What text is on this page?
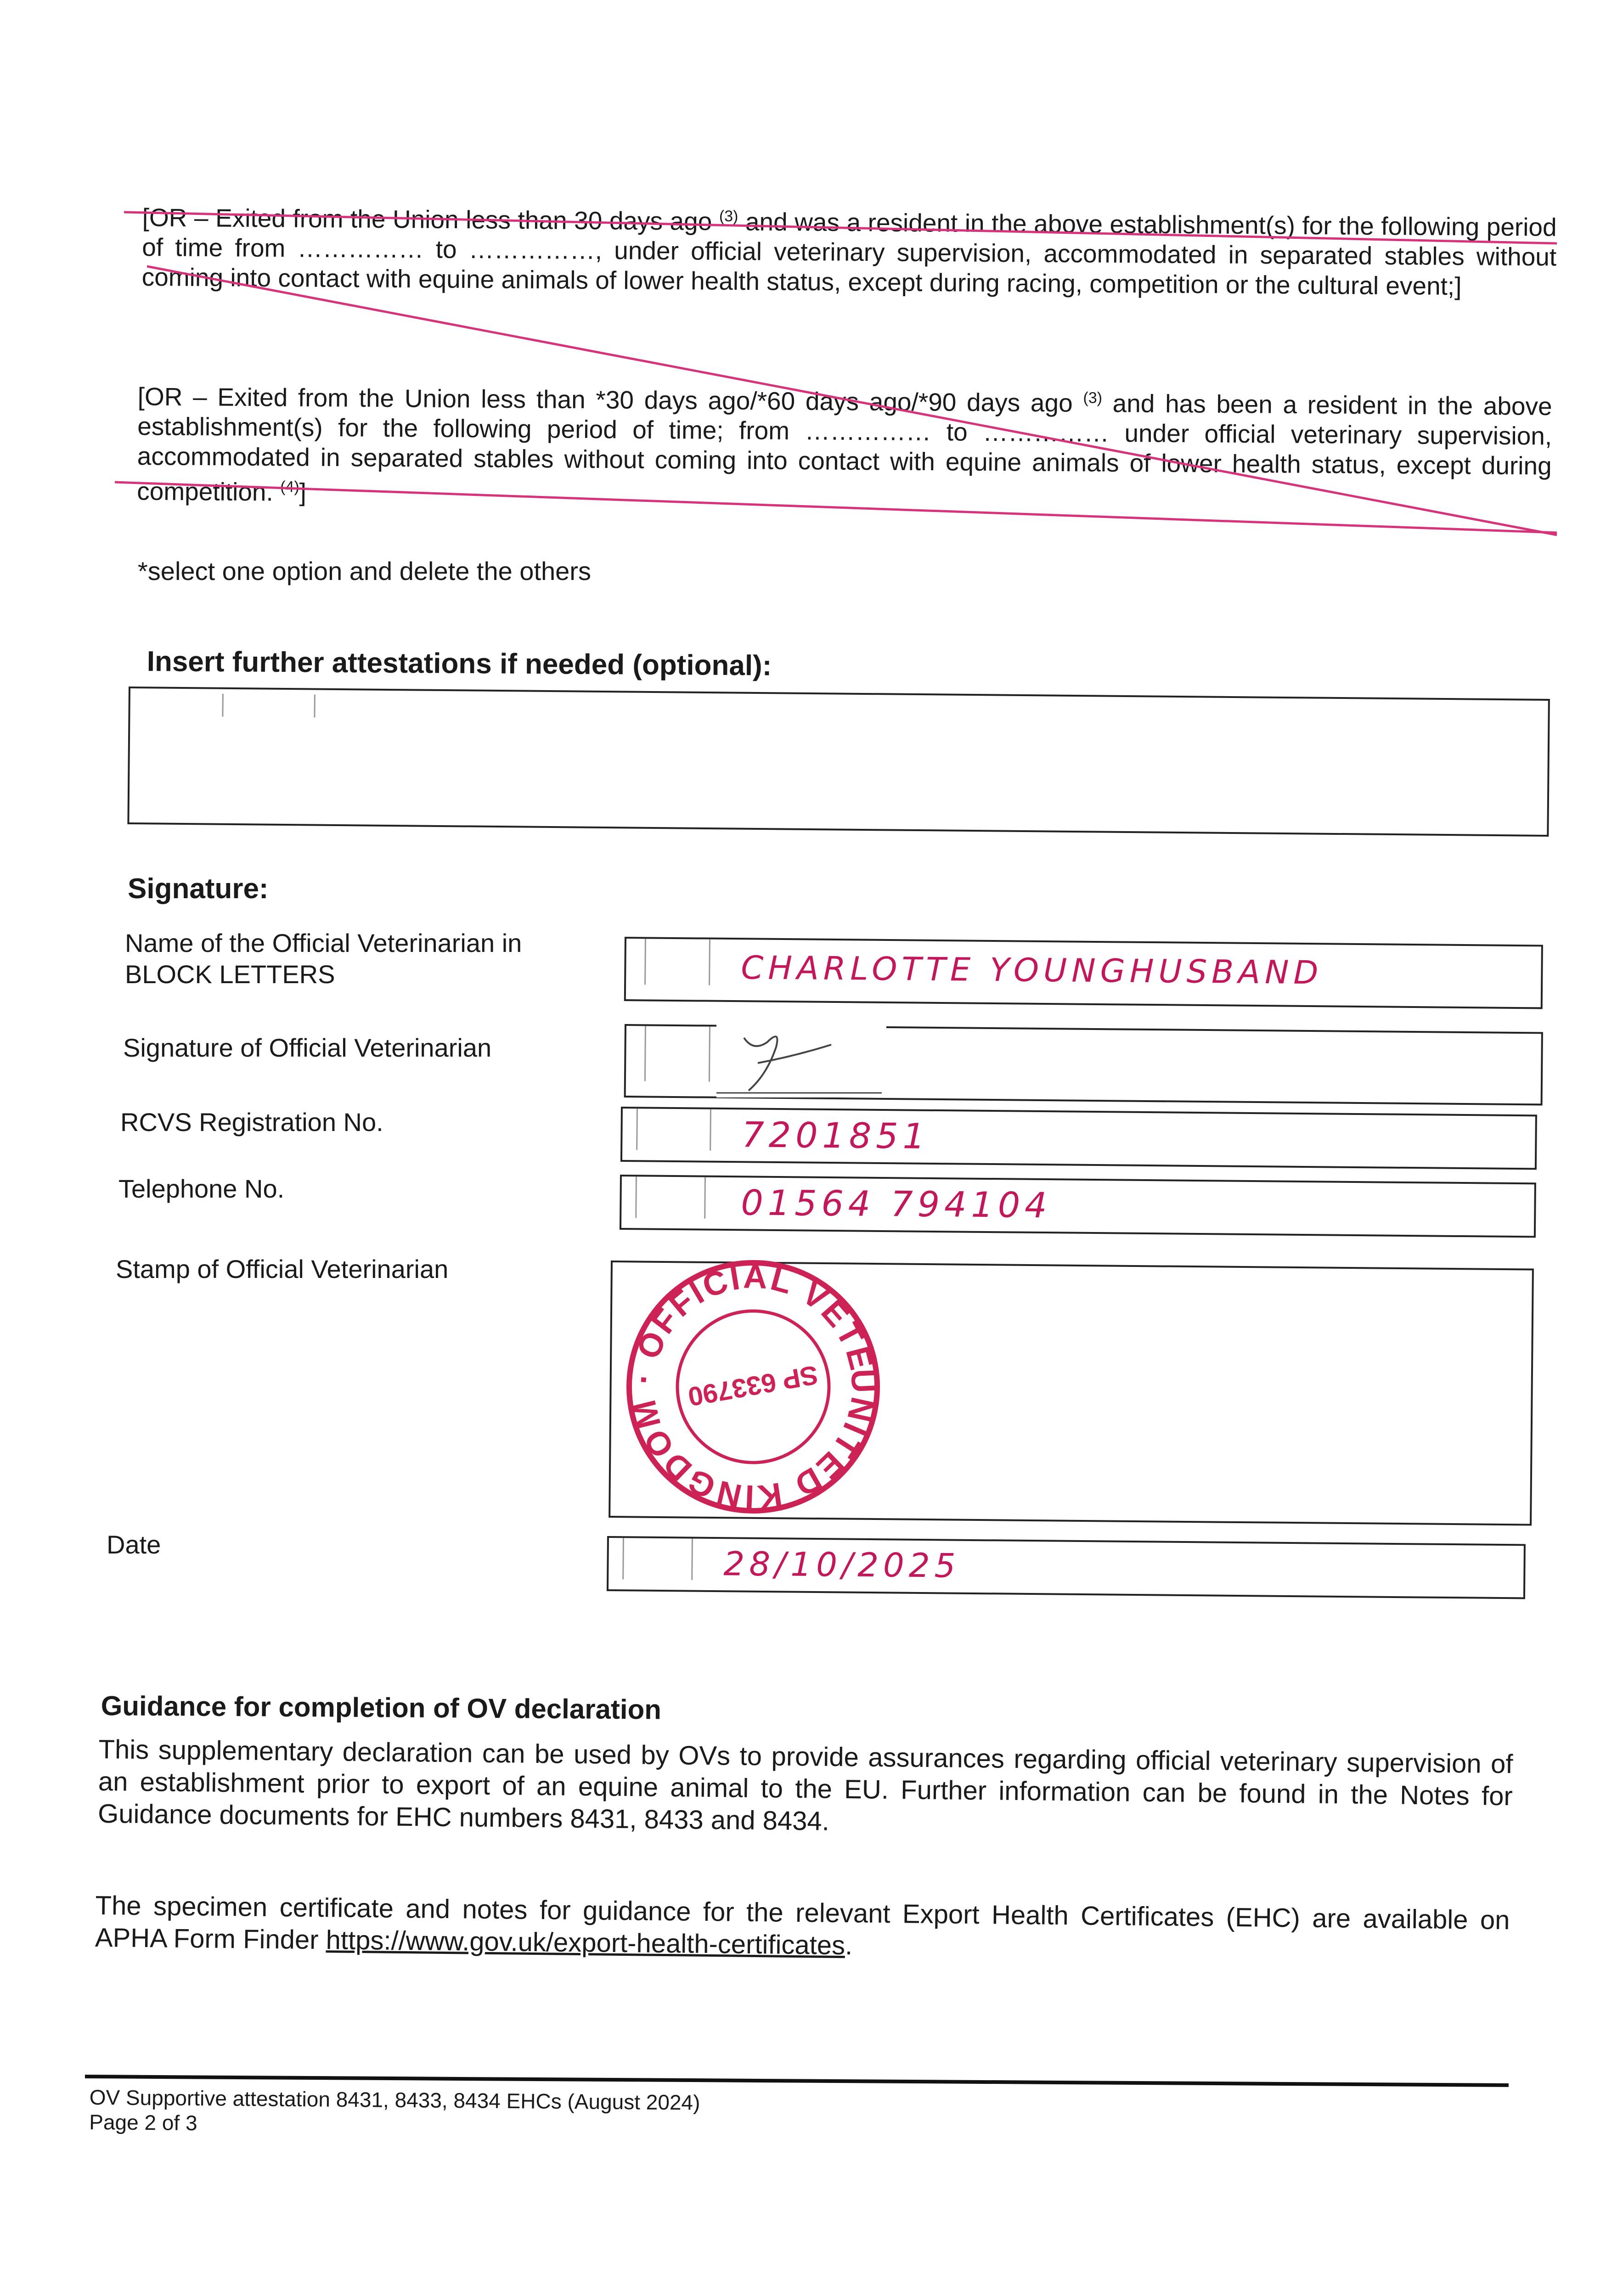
[OR – Exited from the Union less than 30 days ago $^{(3)}$ and was a resident in the above establishment(s) for the following period of time from …………… to ……………, under official veterinary supervision, accommodated in separated stables without coming into contact with equine animals of lower health status, except during racing, competition or the cultural event;]

[OR – Exited from the Union less than *30 days ago/*60 days ago/*90 days ago $^{(3)}$ and has been a resident in the above establishment(s) for the following period of time; from …………… to …………… under official veterinary supervision, accommodated in separated stables without coming into contact with equine animals of lower health status, except during competition. $^{(4)}$]

*select one option and delete the others
Insert further attestations if needed (optional):
Signature:
Name of the Official Veterinarian in
BLOCK LETTERS	CHARLOTTE YOUNGHUSBAND
Signature of Official Veterinarian
RCVS Registration No.	7201851
Telephone No.	01564 794104
Stamp of Official Veterinarian
UNITED KINGDOM · OFFICIAL VETERINARIAN
SP 633790
Date	28/10/2025
Guidance for completion of OV declaration

This supplementary declaration can be used by OVs to provide assurances regarding official veterinary supervision of an establishment prior to export of an equine animal to the EU. Further information can be found in the Notes for Guidance documents for EHC numbers 8431, 8433 and 8434.

The specimen certificate and notes for guidance for the relevant Export Health Certificates (EHC) are available on APHA Form Finder https://www.gov.uk/export-health-certificates.

OV Supportive attestation 8431, 8433, 8434 EHCs (August 2024)
Page 2 of 3
